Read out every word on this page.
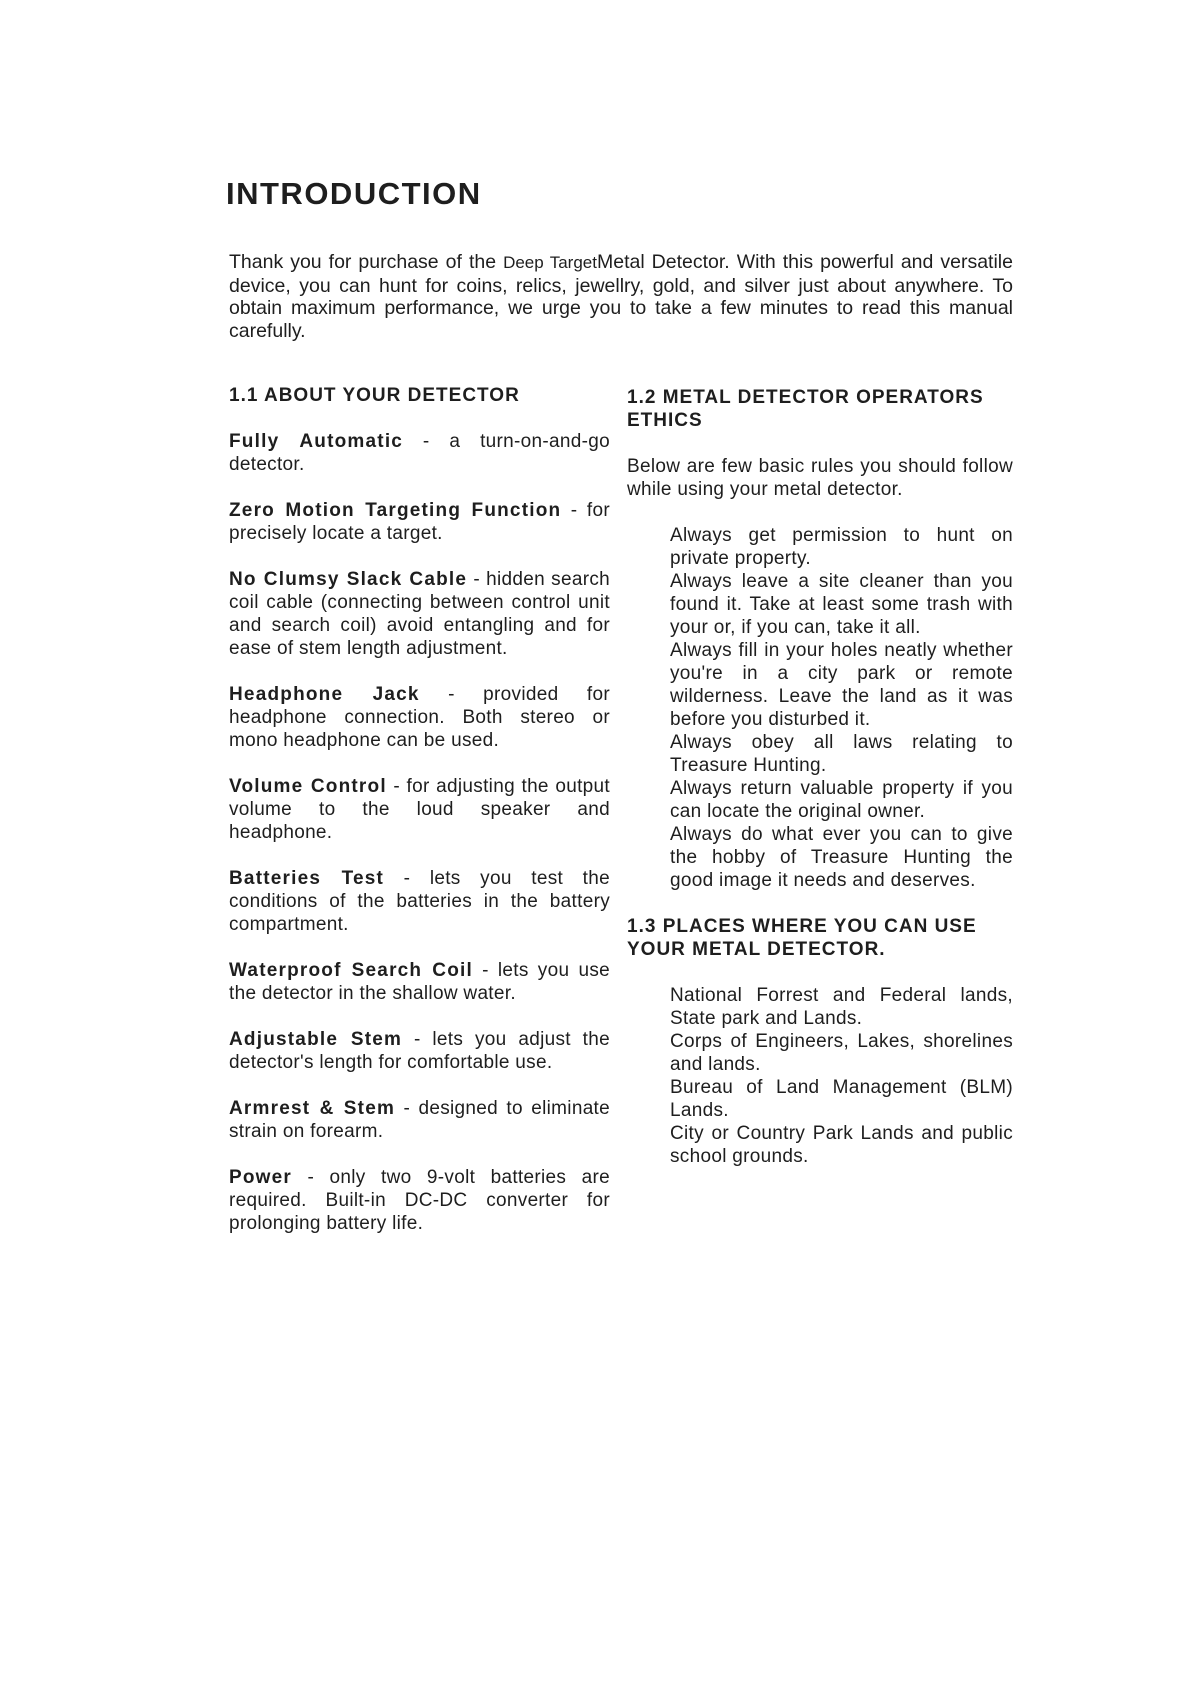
INTRODUCTION

Thank you for purchase of the Deep TargetMetal Detector. With this powerful and versatile device, you can hunt for coins, relics, jewellry, gold, and silver just about anywhere. To obtain maximum performance, we urge you to take a few minutes to read this manual carefully.

1.1 ABOUT YOUR DETECTOR

Fully Automatic - a turn-on-and-go detector.

Zero Motion Targeting Function - for precisely locate a target.

No Clumsy Slack Cable - hidden search coil cable (connecting between control unit and search coil) avoid entangling and for ease of stem length adjustment.

Headphone Jack - provided for headphone connection. Both stereo or mono headphone can be used.

Volume Control - for adjusting the output volume to the loud speaker and headphone.

Batteries Test - lets you test the conditions of the batteries in the battery compartment.

Waterproof Search Coil - lets you use the detector in the shallow water.

Adjustable Stem - lets you adjust the detector's length for comfortable use.

Armrest & Stem - designed to eliminate strain on forearm.

Power - only two 9-volt batteries are required. Built-in DC-DC converter for prolonging battery life.

1.2 METAL DETECTOR OPERATORS ETHICS

Below are few basic rules you should follow while using your metal detector.

Always get permission to hunt on private property.
Always leave a site cleaner than you found it. Take at least some trash with your or, if you can, take it all.
Always fill in your holes neatly whether you're in a city park or remote wilderness. Leave the land as it was before you disturbed it.
Always obey all laws relating to Treasure Hunting.
Always return valuable property if you can locate the original owner.
Always do what ever you can to give the hobby of Treasure Hunting the good image it needs and deserves.
1.3 PLACES WHERE YOU CAN USE YOUR METAL DETECTOR.
National Forrest and Federal lands, State park and Lands.
Corps of Engineers, Lakes, shorelines and lands.
Bureau of Land Management (BLM) Lands.
City or Country Park Lands and public school grounds.
